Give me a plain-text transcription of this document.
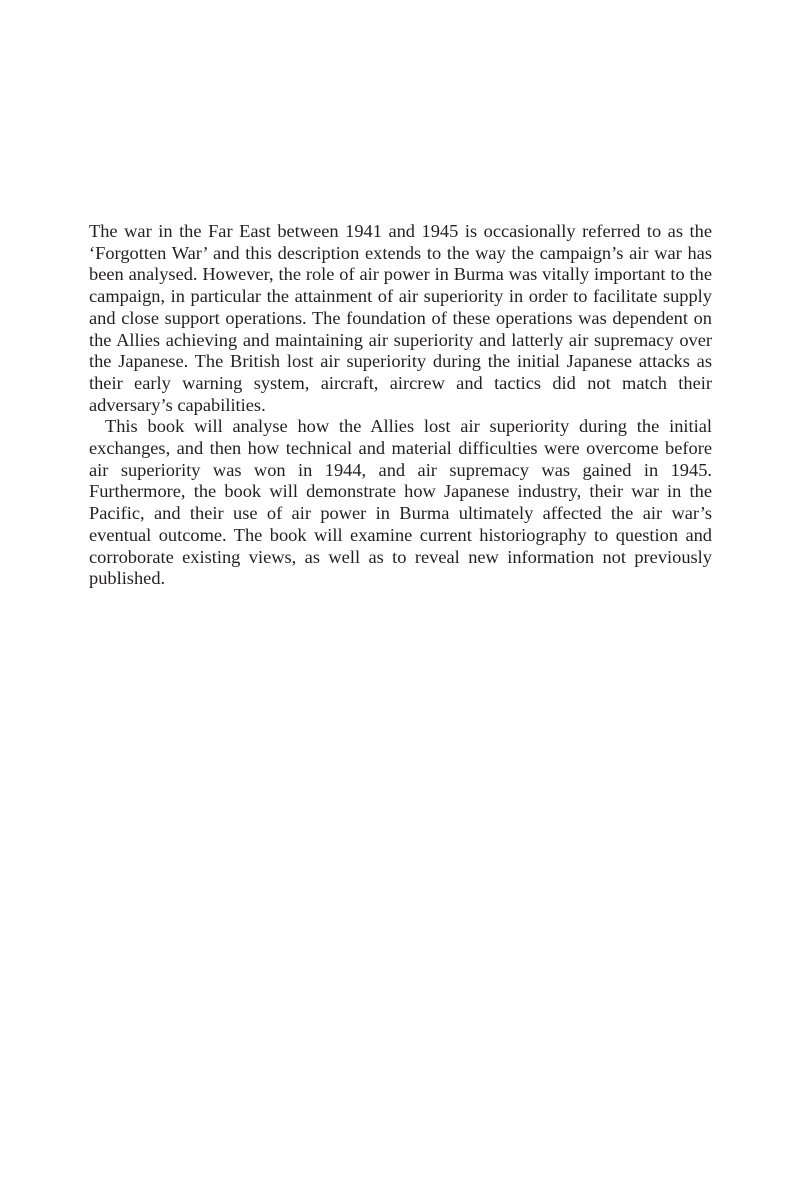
The war in the Far East between 1941 and 1945 is occasionally referred to as the ‘Forgotten War’ and this description extends to the way the campaign’s air war has been analysed. However, the role of air power in Burma was vitally important to the campaign, in particular the attainment of air superiority in order to facilitate supply and close support operations. The foundation of these operations was dependent on the Allies achieving and maintaining air superiority and latterly air supremacy over the Japanese. The British lost air superiority during the initial Japanese attacks as their early warning system, aircraft, aircrew and tactics did not match their adversary’s capabilities.

This book will analyse how the Allies lost air superiority during the initial exchanges, and then how technical and material difficulties were overcome before air superiority was won in 1944, and air supremacy was gained in 1945. Furthermore, the book will demonstrate how Japanese industry, their war in the Pacific, and their use of air power in Burma ultimately affected the air war’s eventual outcome. The book will examine current historiography to question and corroborate existing views, as well as to reveal new information not previously published.
